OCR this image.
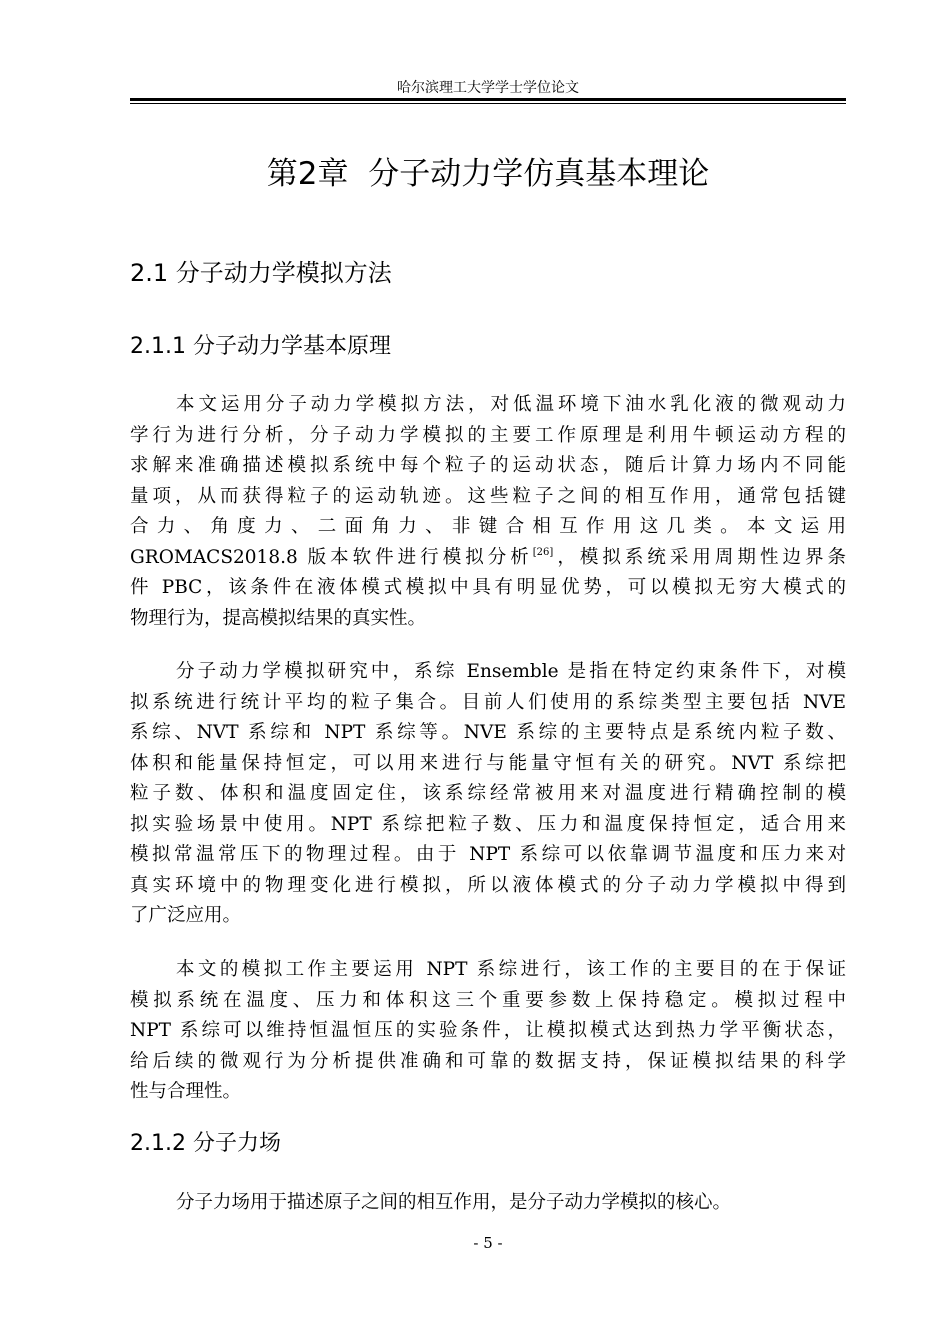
哈尔滨理工大学学士学位论文
第2章  分子动力学仿真基本理论
2.1 分子动力学模拟方法
2.1.1 分子动力学基本原理
本文运用分子动力学模拟方法，对低温环境下油水乳化液的微观动力
学行为进行分析，分子动力学模拟的主要工作原理是利用牛顿运动方程的
求解来准确描述模拟系统中每个粒子的运动状态，随后计算力场内不同能
量项，从而获得粒子的运动轨迹。这些粒子之间的相互作用，通常包括键
合力、角度力、二面角力、非键合相互作用这几类。本文运用
GROMACS2018.8 版本软件进行模拟分析[26]，模拟系统采用周期性边界条
件 PBC，该条件在液体模式模拟中具有明显优势，可以模拟无穷大模式的
物理行为，提高模拟结果的真实性。
分子动力学模拟研究中，系综 Ensemble 是指在特定约束条件下，对模
拟系统进行统计平均的粒子集合。目前人们使用的系综类型主要包括 NVE
系综、NVT 系综和 NPT 系综等。NVE 系综的主要特点是系统内粒子数、
体积和能量保持恒定，可以用来进行与能量守恒有关的研究。NVT 系综把
粒子数、体积和温度固定住，该系综经常被用来对温度进行精确控制的模
拟实验场景中使用。NPT 系综把粒子数、压力和温度保持恒定，适合用来
模拟常温常压下的物理过程。由于 NPT 系综可以依靠调节温度和压力来对
真实环境中的物理变化进行模拟，所以液体模式的分子动力学模拟中得到
了广泛应用。
本文的模拟工作主要运用 NPT 系综进行，该工作的主要目的在于保证
模拟系统在温度、压力和体积这三个重要参数上保持稳定。模拟过程中
NPT 系综可以维持恒温恒压的实验条件，让模拟模式达到热力学平衡状态，
给后续的微观行为分析提供准确和可靠的数据支持，保证模拟结果的科学
性与合理性。
2.1.2 分子力场
分子力场用于描述原子之间的相互作用，是分子动力学模拟的核心。
- 5 -
